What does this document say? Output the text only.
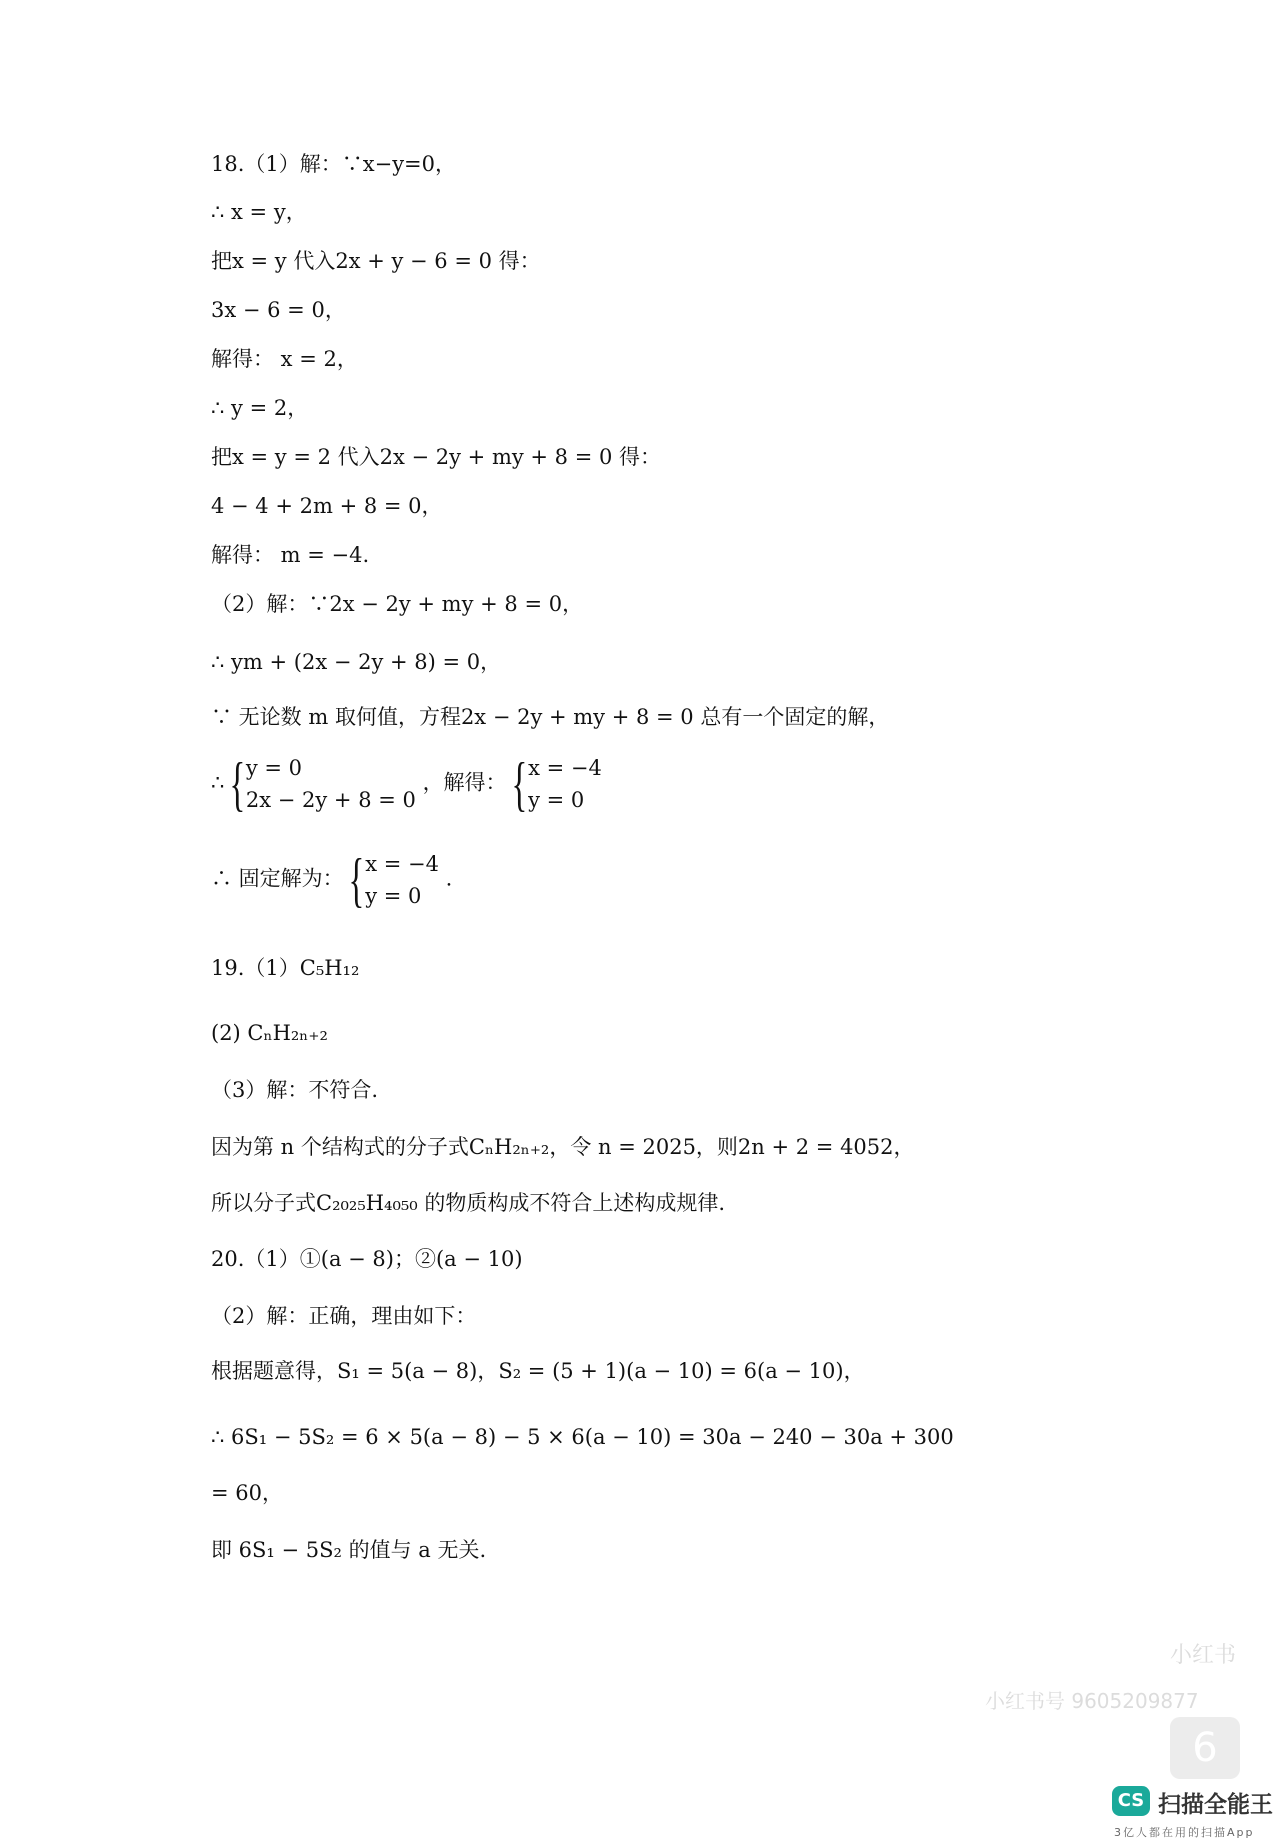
18.（1）解：∵x−y=0，
∴ x = y，
把x = y 代入2x + y − 6 = 0 得：
3x − 6 = 0，
解得： x = 2，
∴ y = 2，
把x = y = 2 代入2x − 2y + my + 8 = 0 得：
4 − 4 + 2m + 8 = 0，
解得： m = −4.
（2）解：∵2x − 2y + my + 8 = 0，
∴ ym + (2x − 2y + 8) = 0，
∵ 无论数 m 取何值，方程2x − 2y + my + 8 = 0 总有一个固定的解，
∴ { y = 0
2x − 2y + 8 = 0
，解得： { x = −4
y = 0
∴ 固定解为： { x = −4
y = 0
.
19.（1）C₅H₁₂
(2) CₙH₂ₙ₊₂
（3）解：不符合.
因为第 n 个结构式的分子式CₙH₂ₙ₊₂，令 n = 2025，则2n + 2 = 4052，
所以分子式C₂₀₂₅H₄₀₅₀ 的物质构成不符合上述构成规律.
20.（1）①(a − 8)；②(a − 10)
（2）解：正确，理由如下：
根据题意得，S₁ = 5(a − 8)，S₂ = (5 + 1)(a − 10) = 6(a − 10)，
∴ 6S₁ − 5S₂ = 6 × 5(a − 8) − 5 × 6(a − 10) = 30a − 240 − 30a + 300
= 60，
即 6S₁ − 5S₂ 的值与 a 无关.
小红书
小红书号 9605209877
6
CS 扫描全能王
3亿人都在用的扫描App
